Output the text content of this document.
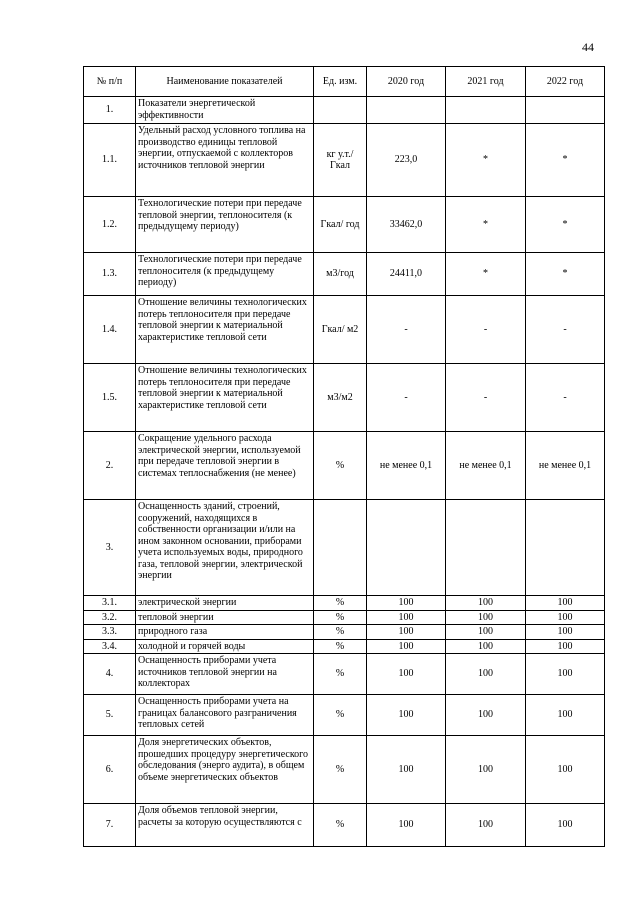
44
№ п/п	Наименование показателей	Ед. изм.	2020 год	2021 год	2022 год
1.	Показатели энергетической эффективности				
1.1.	Удельный расход условного топлива на производство единицы тепловой энергии, отпускаемой с коллекторов источников тепловой энергии	кг у.т./ Гкал	223,0	*	*
1.2.	Технологические потери при передаче тепловой энергии, теплоносителя (к предыдущему периоду)	Гкал/ год	33462,0	*	*
1.3.	Технологические потери при передаче теплоносителя (к предыдущему периоду)	м3/год	24411,0	*	*
1.4.	Отношение величины технологических потерь теплоносителя при передаче тепловой энергии к материальной характеристике тепловой сети	Гкал/ м2	-	-	-
1.5.	Отношение величины технологических потерь теплоносителя при передаче тепловой энергии к материальной характеристике тепловой сети	м3/м2	-	-	-
2.	Сокращение удельного расхода электрической энергии, используемой при передаче тепловой энергии в системах теплоснабжения (не менее)	%	не менее 0,1	не менее 0,1	не менее 0,1
3.	Оснащенность зданий, строений, сооружений, находящихся в собственности организации и/или на ином законном основании, приборами учета используемых воды, природного газа, тепловой энергии, электрической энергии				
3.1.	электрической энергии	%	100	100	100
3.2.	тепловой энергии	%	100	100	100
3.3.	природного газа	%	100	100	100
3.4.	холодной и горячей воды	%	100	100	100
4.	Оснащенность приборами учета источников тепловой энергии на коллекторах	%	100	100	100
5.	Оснащенность приборами учета на границах балансового разграничения тепловых сетей	%	100	100	100
6.	Доля энергетических объектов, прошедших процедуру энергетического обследования (энерго аудита), в общем объеме энергетических объектов	%	100	100	100
7.	Доля объемов тепловой энергии, расчеты за которую осуществляются с	%	100	100	100
